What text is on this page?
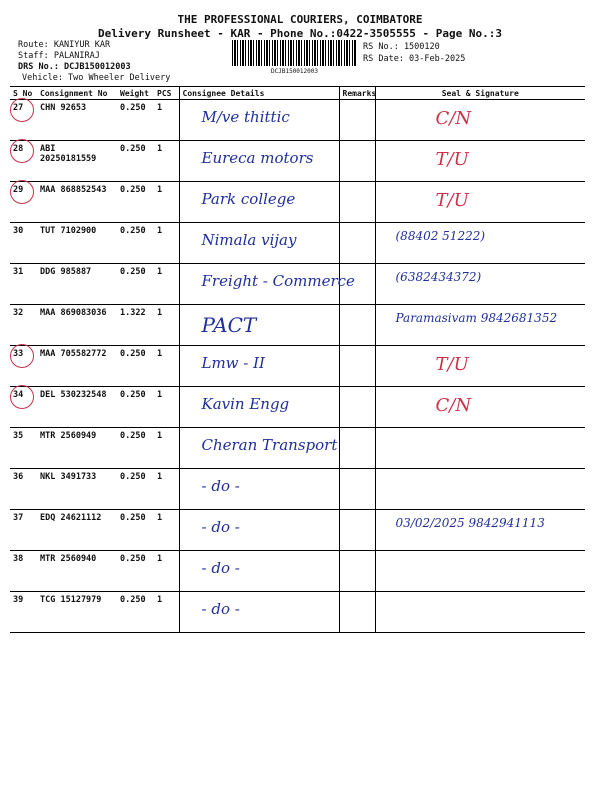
THE PROFESSIONAL COURIERS, COIMBATORE
Delivery Runsheet - KAR - Phone No.:0422-3505555 - Page No.:3
Route: KANIYUR KAR
Staff: PALANIRAJ
DRS No.: DCJB150012003
Vehicle: Two Wheeler Delivery
DCJB150012003
RS No.: 1500120
RS Date: 03-Feb-2025
S No	Consignment No	Weight	PCS	Consignee Details	Remarks	Seal & Signature
27	CHN 92653	0.250	1	M/ve thittic		C/N

28	ABI 20250181559	0.250	1	Eureca motors		T/U

29	MAA 868852543	0.250	1	Park college		T/U

30	TUT 7102900	0.250	1	Nimala vijay		(88402 51222)

31	DDG 985887	0.250	1	Freight - Commerce		(6382434372)

32	MAA 869083036	1.322	1	PACT		Paramasivam 9842681352

33	MAA 705582772	0.250	1	Lmw - II		T/U

34	DEL 530232548	0.250	1	Kavin Engg		C/N

35	MTR 2560949	0.250	1	Cheran Transport		

36	NKL 3491733	0.250	1	- do -		

37	EDQ 24621112	0.250	1	- do -		03/02/2025 9842941113

38	MTR 2560940	0.250	1	- do -		

39	TCG 15127979	0.250	1	- do -		
